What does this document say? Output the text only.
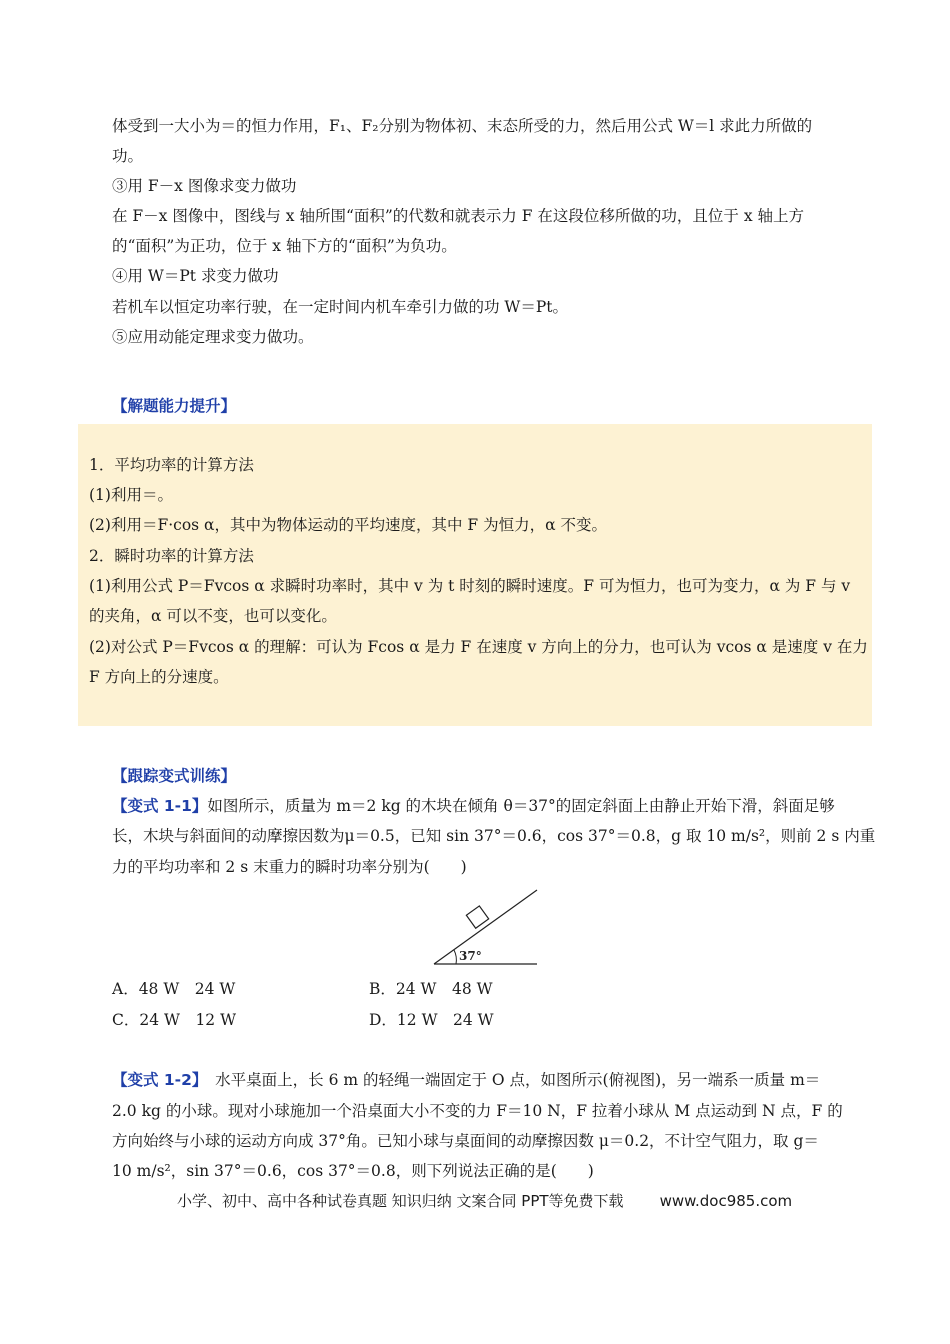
体受到一大小为＝的恒力作用，F₁、F₂分别为物体初、末态所受的力，然后用公式 W＝l 求此力所做的
功。
③用 F－x 图像求变力做功
在 F－x 图像中，图线与 x 轴所围“面积”的代数和就表示力 F 在这段位移所做的功，且位于 x 轴上方
的“面积”为正功，位于 x 轴下方的“面积”为负功。
④用 W＝Pt 求变力做功
若机车以恒定功率行驶，在一定时间内机车牵引力做的功 W＝Pt。
⑤应用动能定理求变力做功。
【解题能力提升】
1．平均功率的计算方法
(1)利用＝。
(2)利用＝F·cos α，其中为物体运动的平均速度，其中 F 为恒力，α 不变。
2．瞬时功率的计算方法
(1)利用公式 P＝Fvcos α 求瞬时功率时，其中 v 为 t 时刻的瞬时速度。F 可为恒力，也可为变力，α 为 F 与 v
的夹角，α 可以不变，也可以变化。
(2)对公式 P＝Fvcos α 的理解：可认为 Fcos α 是力 F 在速度 v 方向上的分力，也可认为 vcos α 是速度 v 在力
F 方向上的分速度。
【跟踪变式训练】
【变式 1-1】如图所示，质量为 m＝2 kg 的木块在倾角 θ＝37°的固定斜面上由静止开始下滑，斜面足够
长，木块与斜面间的动摩擦因数为μ＝0.5，已知 sin 37°＝0.6，cos 37°＝0.8，g 取 10 m/s²，则前 2 s 内重
力的平均功率和 2 s 末重力的瞬时功率分别为(　　)
37°
A．48 W　24 W	B．24 W　48 W
C．24 W　12 W	D．12 W　24 W
【变式 1-2】　水平桌面上，长 6 m 的轻绳一端固定于 O 点，如图所示(俯视图)，另一端系一质量 m＝
2.0 kg 的小球。现对小球施加一个沿桌面大小不变的力 F＝10 N，F 拉着小球从 M 点运动到 N 点，F 的
方向始终与小球的运动方向成 37°角。已知小球与桌面间的动摩擦因数 μ＝0.2，不计空气阻力，取 g＝
10 m/s²，sin 37°＝0.6，cos 37°＝0.8，则下列说法正确的是(　　)
小学、初中、高中各种试卷真题 知识归纳 文案合同 PPT等免费下载 www.doc985.com
